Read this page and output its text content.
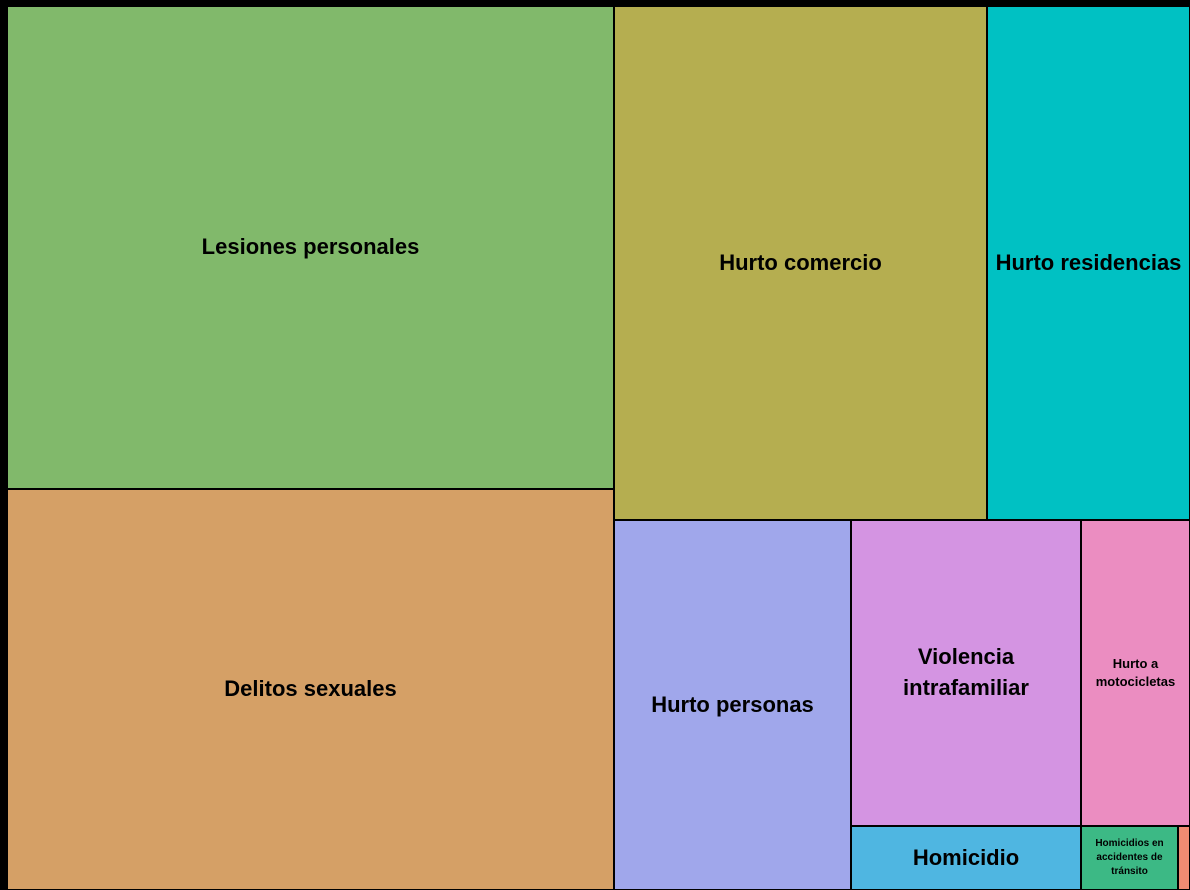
Lesiones personales
Delitos sexuales
Hurto comercio	Hurto residencias
Hurto personas
Violencia intrafamiliar
Hurto a motocicletas
Homicidio
Homicidios en accidentes de tránsito
